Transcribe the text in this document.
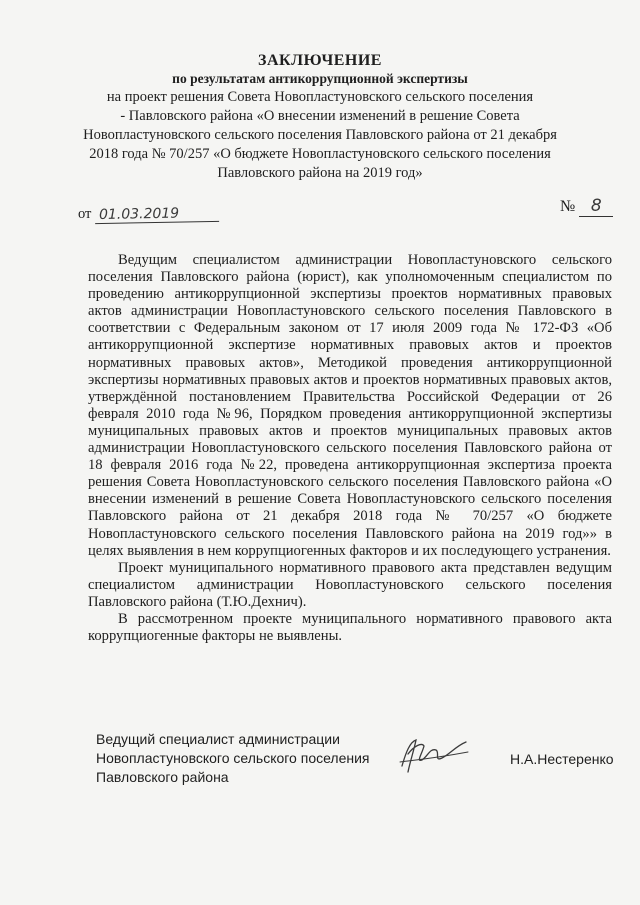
ЗАКЛЮЧЕНИЕ
по результатам антикоррупционной экспертизы
на проект решения Совета Новопластуновского сельского поселения
- Павловского района «О внесении изменений в решение Совета
Новопластуновского сельского поселения Павловского района от 21 декабря
2018 года № 70/257 «О бюджете Новопластуновского сельского поселения
Павловского района на 2019 год»
от 01.03.2019	№ 8

Ведущим специалистом администрации Новопластуновского сельского поселения Павловского района (юрист), как уполномоченным специалистом по проведению антикоррупционной экспертизы проектов нормативных правовых актов администрации Новопластуновского сельского поселения Павловского в соответствии с Федеральным законом от 17 июля 2009 года № 172-ФЗ «Об антикоррупционной экспертизе нормативных правовых актов и проектов нормативных правовых актов», Методикой проведения антикоррупционной экспертизы нормативных правовых актов и проектов нормативных правовых актов, утверждённой постановлением Правительства Российской Федерации от 26 февраля 2010 года №96, Порядком проведения антикоррупционной экспертизы муниципальных правовых актов и проектов муниципальных правовых актов администрации Новопластуновского сельского поселения Павловского района от 18 февраля 2016 года №22, проведена антикоррупционная экспертиза проекта решения Совета Новопластуновского сельского поселения Павловского района «О внесении изменений в решение Совета Новопластуновского сельского поселения Павловского района от 21 декабря 2018 года № 70/257 «О бюджете Новопластуновского сельского поселения Павловского района на 2019 год»» в целях выявления в нем коррупциогенных факторов и их последующего устранения.

Проект муниципального нормативного правового акта представлен ведущим специалистом администрации Новопластуновского сельского поселения Павловского района (Т.Ю.Дехнич).

В рассмотренном проекте муниципального нормативного правового акта коррупциогенные факторы не выявлены.

Ведущий специалист администрации
Новопластуновского сельского поселения
Павловского района
Н.А.Нестеренко
